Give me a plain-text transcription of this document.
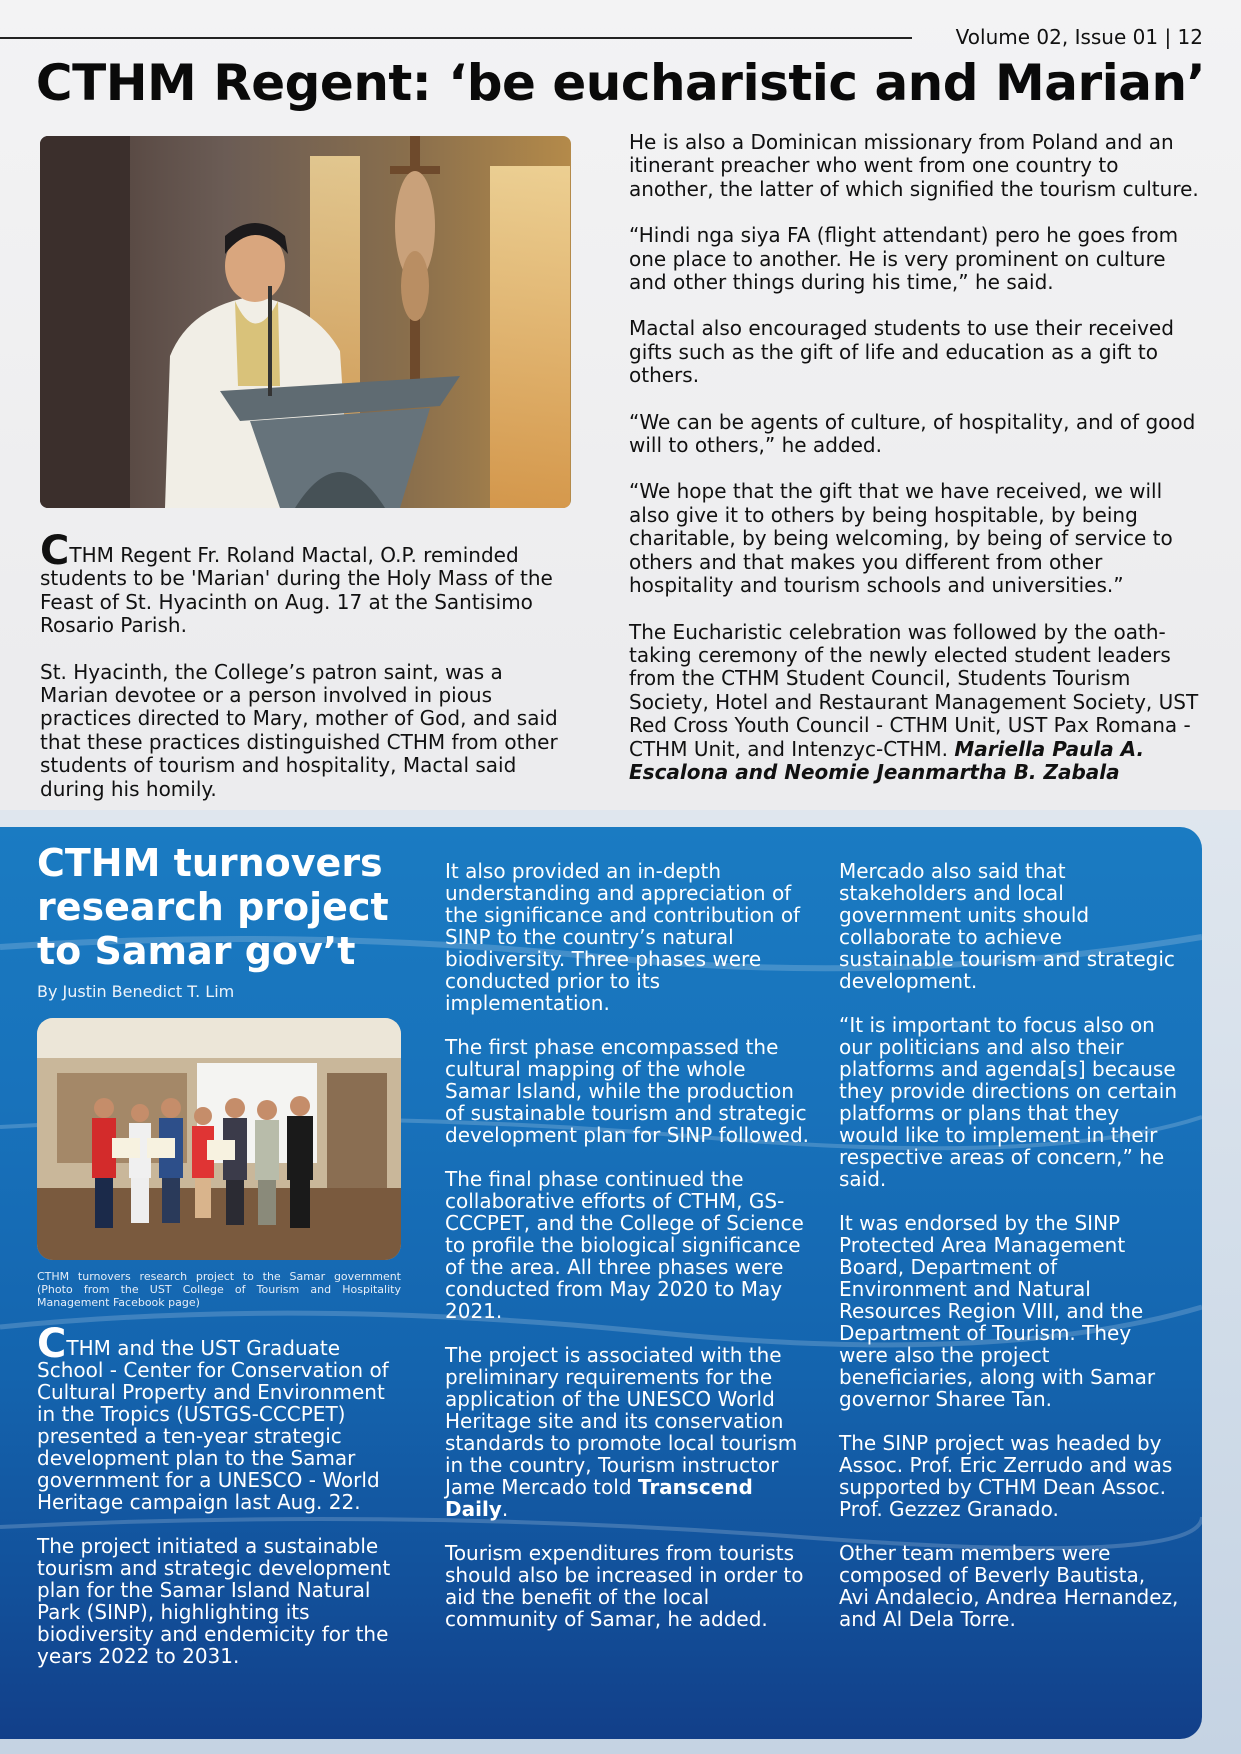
Volume 02, Issue 01 | 12
CTHM Regent: ‘be eucharistic and Marian’

CTHM Regent Fr. Roland Mactal, O.P. reminded students to be 'Marian' during the Holy Mass of the Feast of St. Hyacinth on Aug. 17 at the Santisimo Rosario Parish.

St. Hyacinth, the College’s patron saint, was a Marian devotee or a person involved in pious practices directed to Mary, mother of God, and said that these practices distinguished CTHM from other students of tourism and hospitality, Mactal said during his homily.

He is also a Dominican missionary from Poland and an itinerant preacher who went from one country to another, the latter of which signified the tourism culture.

“Hindi nga siya FA (flight attendant) pero he goes from one place to another. He is very prominent on culture and other things during his time,” he said.

Mactal also encouraged students to use their received gifts such as the gift of life and education as a gift to others.

“We can be agents of culture, of hospitality, and of good will to others,” he added.

“We hope that the gift that we have received, we will also give it to others by being hospitable, by being charitable, by being welcoming, by being of service to others and that makes you different from other hospitality and tourism schools and universities.”

The Eucharistic celebration was followed by the oath-taking ceremony of the newly elected student leaders from the CTHM Student Council, Students Tourism Society, Hotel and Restaurant Management Society, UST Red Cross Youth Council - CTHM Unit, UST Pax Romana - CTHM Unit, and Intenzyc-CTHM. Mariella Paula A. Escalona and Neomie Jeanmartha B. Zabala

CTHM turnovers research project to Samar gov’t
By Justin Benedict T. Lim
CTHM turnovers research project to the Samar government (Photo from the UST College of Tourism and Hospitality Management Facebook page)

CTHM and the UST Graduate School - Center for Conservation of Cultural Property and Environment in the Tropics (USTGS-CCCPET) presented a ten-year strategic development plan to the Samar government for a UNESCO - World Heritage campaign last Aug. 22.

The project initiated a sustainable tourism and strategic development plan for the Samar Island Natural Park (SINP), highlighting its biodiversity and endemicity for the years 2022 to 2031.

It also provided an in-depth understanding and appreciation of the significance and contribution of SINP to the country’s natural biodiversity. Three phases were conducted prior to its implementation.

The first phase encompassed the cultural mapping of the whole Samar Island, while the production of sustainable tourism and strategic development plan for SINP followed.

The final phase continued the collaborative efforts of CTHM, GS-CCCPET, and the College of Science to profile the biological significance of the area. All three phases were conducted from May 2020 to May 2021.

The project is associated with the preliminary requirements for the application of the UNESCO World Heritage site and its conservation standards to promote local tourism in the country, Tourism instructor Jame Mercado told Transcend Daily.

Tourism expenditures from tourists should also be increased in order to aid the benefit of the local community of Samar, he added.

Mercado also said that stakeholders and local government units should collaborate to achieve sustainable tourism and strategic development.

“It is important to focus also on our politicians and also their platforms and agenda[s] because they provide directions on certain platforms or plans that they would like to implement in their respective areas of concern,” he said.

It was endorsed by the SINP Protected Area Management Board, Department of Environment and Natural Resources Region VIII, and the Department of Tourism. They were also the project beneficiaries, along with Samar governor Sharee Tan.

The SINP project was headed by Assoc. Prof. Eric Zerrudo and was supported by CTHM Dean Assoc. Prof. Gezzez Granado.

Other team members were composed of Beverly Bautista, Avi Andalecio, Andrea Hernandez, and Al Dela Torre.
